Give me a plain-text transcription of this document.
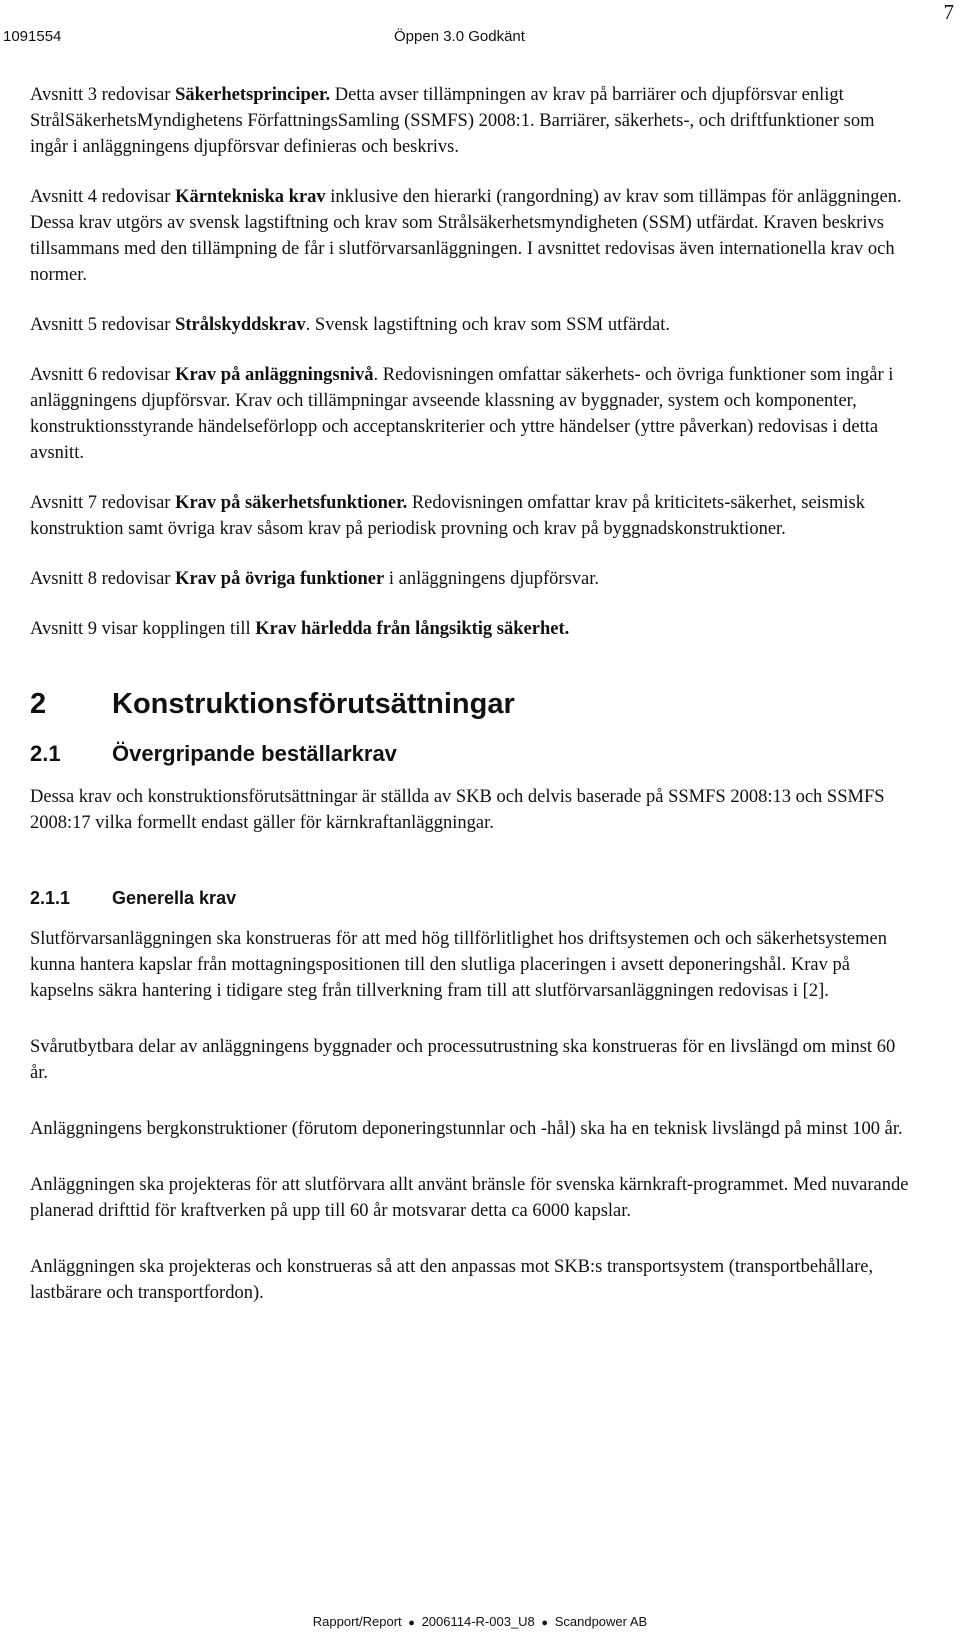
1091554	Öppen 3.0 Godkänt
7

Avsnitt 3 redovisar Säkerhetsprinciper. Detta avser tillämpningen av krav på barriärer och djupförsvar enligt StrålSäkerhetsMyndighetens FörfattningsSamling (SSMFS) 2008:1. Barriärer, säkerhets-, och driftfunktioner som ingår i anläggningens djupförsvar definieras och beskrivs.

Avsnitt 4 redovisar Kärntekniska krav inklusive den hierarki (rangordning) av krav som tillämpas för anläggningen. Dessa krav utgörs av svensk lagstiftning och krav som Strålsäkerhetsmyndigheten (SSM) utfärdat. Kraven beskrivs tillsammans med den tillämpning de får i slutförvarsanläggningen. I avsnittet redovisas även internationella krav och normer.

Avsnitt 5 redovisar Strålskyddskrav. Svensk lagstiftning och krav som SSM utfärdat.

Avsnitt 6 redovisar Krav på anläggningsnivå. Redovisningen omfattar säkerhets- och övriga funktioner som ingår i anläggningens djupförsvar. Krav och tillämpningar avseende klassning av byggnader, system och komponenter, konstruktionsstyrande händelseförlopp och acceptanskriterier och yttre händelser (yttre påverkan) redovisas i detta avsnitt.

Avsnitt 7 redovisar Krav på säkerhetsfunktioner. Redovisningen omfattar krav på kriticitets-säkerhet, seismisk konstruktion samt övriga krav såsom krav på periodisk provning och krav på byggnadskonstruktioner.

Avsnitt 8 redovisar Krav på övriga funktioner i anläggningens djupförsvar.

Avsnitt 9 visar kopplingen till Krav härledda från långsiktig säkerhet.

2 Konstruktionsförutsättningar
2.1 Övergripande beställarkrav

Dessa krav och konstruktionsförutsättningar är ställda av SKB och delvis baserade på SSMFS 2008:13 och SSMFS 2008:17 vilka formellt endast gäller för kärnkraftanläggningar.

2.1.1 Generella krav

Slutförvarsanläggningen ska konstrueras för att med hög tillförlitlighet hos driftsystemen och och säkerhetsystemen kunna hantera kapslar från mottagningspositionen till den slutliga placeringen i avsett deponeringshål. Krav på kapselns säkra hantering i tidigare steg från tillverkning fram till att slutförvarsanläggningen redovisas i [2].

Svårutbytbara delar av anläggningens byggnader och processutrustning ska konstrueras för en livslängd om minst 60 år.

Anläggningens bergkonstruktioner (förutom deponeringstunnlar och -hål) ska ha en teknisk livslängd på minst 100 år.

Anläggningen ska projekteras för att slutförvara allt använt bränsle för svenska kärnkraft-programmet. Med nuvarande planerad drifttid för kraftverken på upp till 60 år motsvarar detta ca 6000 kapslar.

Anläggningen ska projekteras och konstrueras så att den anpassas mot SKB:s transportsystem (transportbehållare, lastbärare och transportfordon).

Rapport/Report ● 2006114-R-003_U8 ● Scandpower AB
